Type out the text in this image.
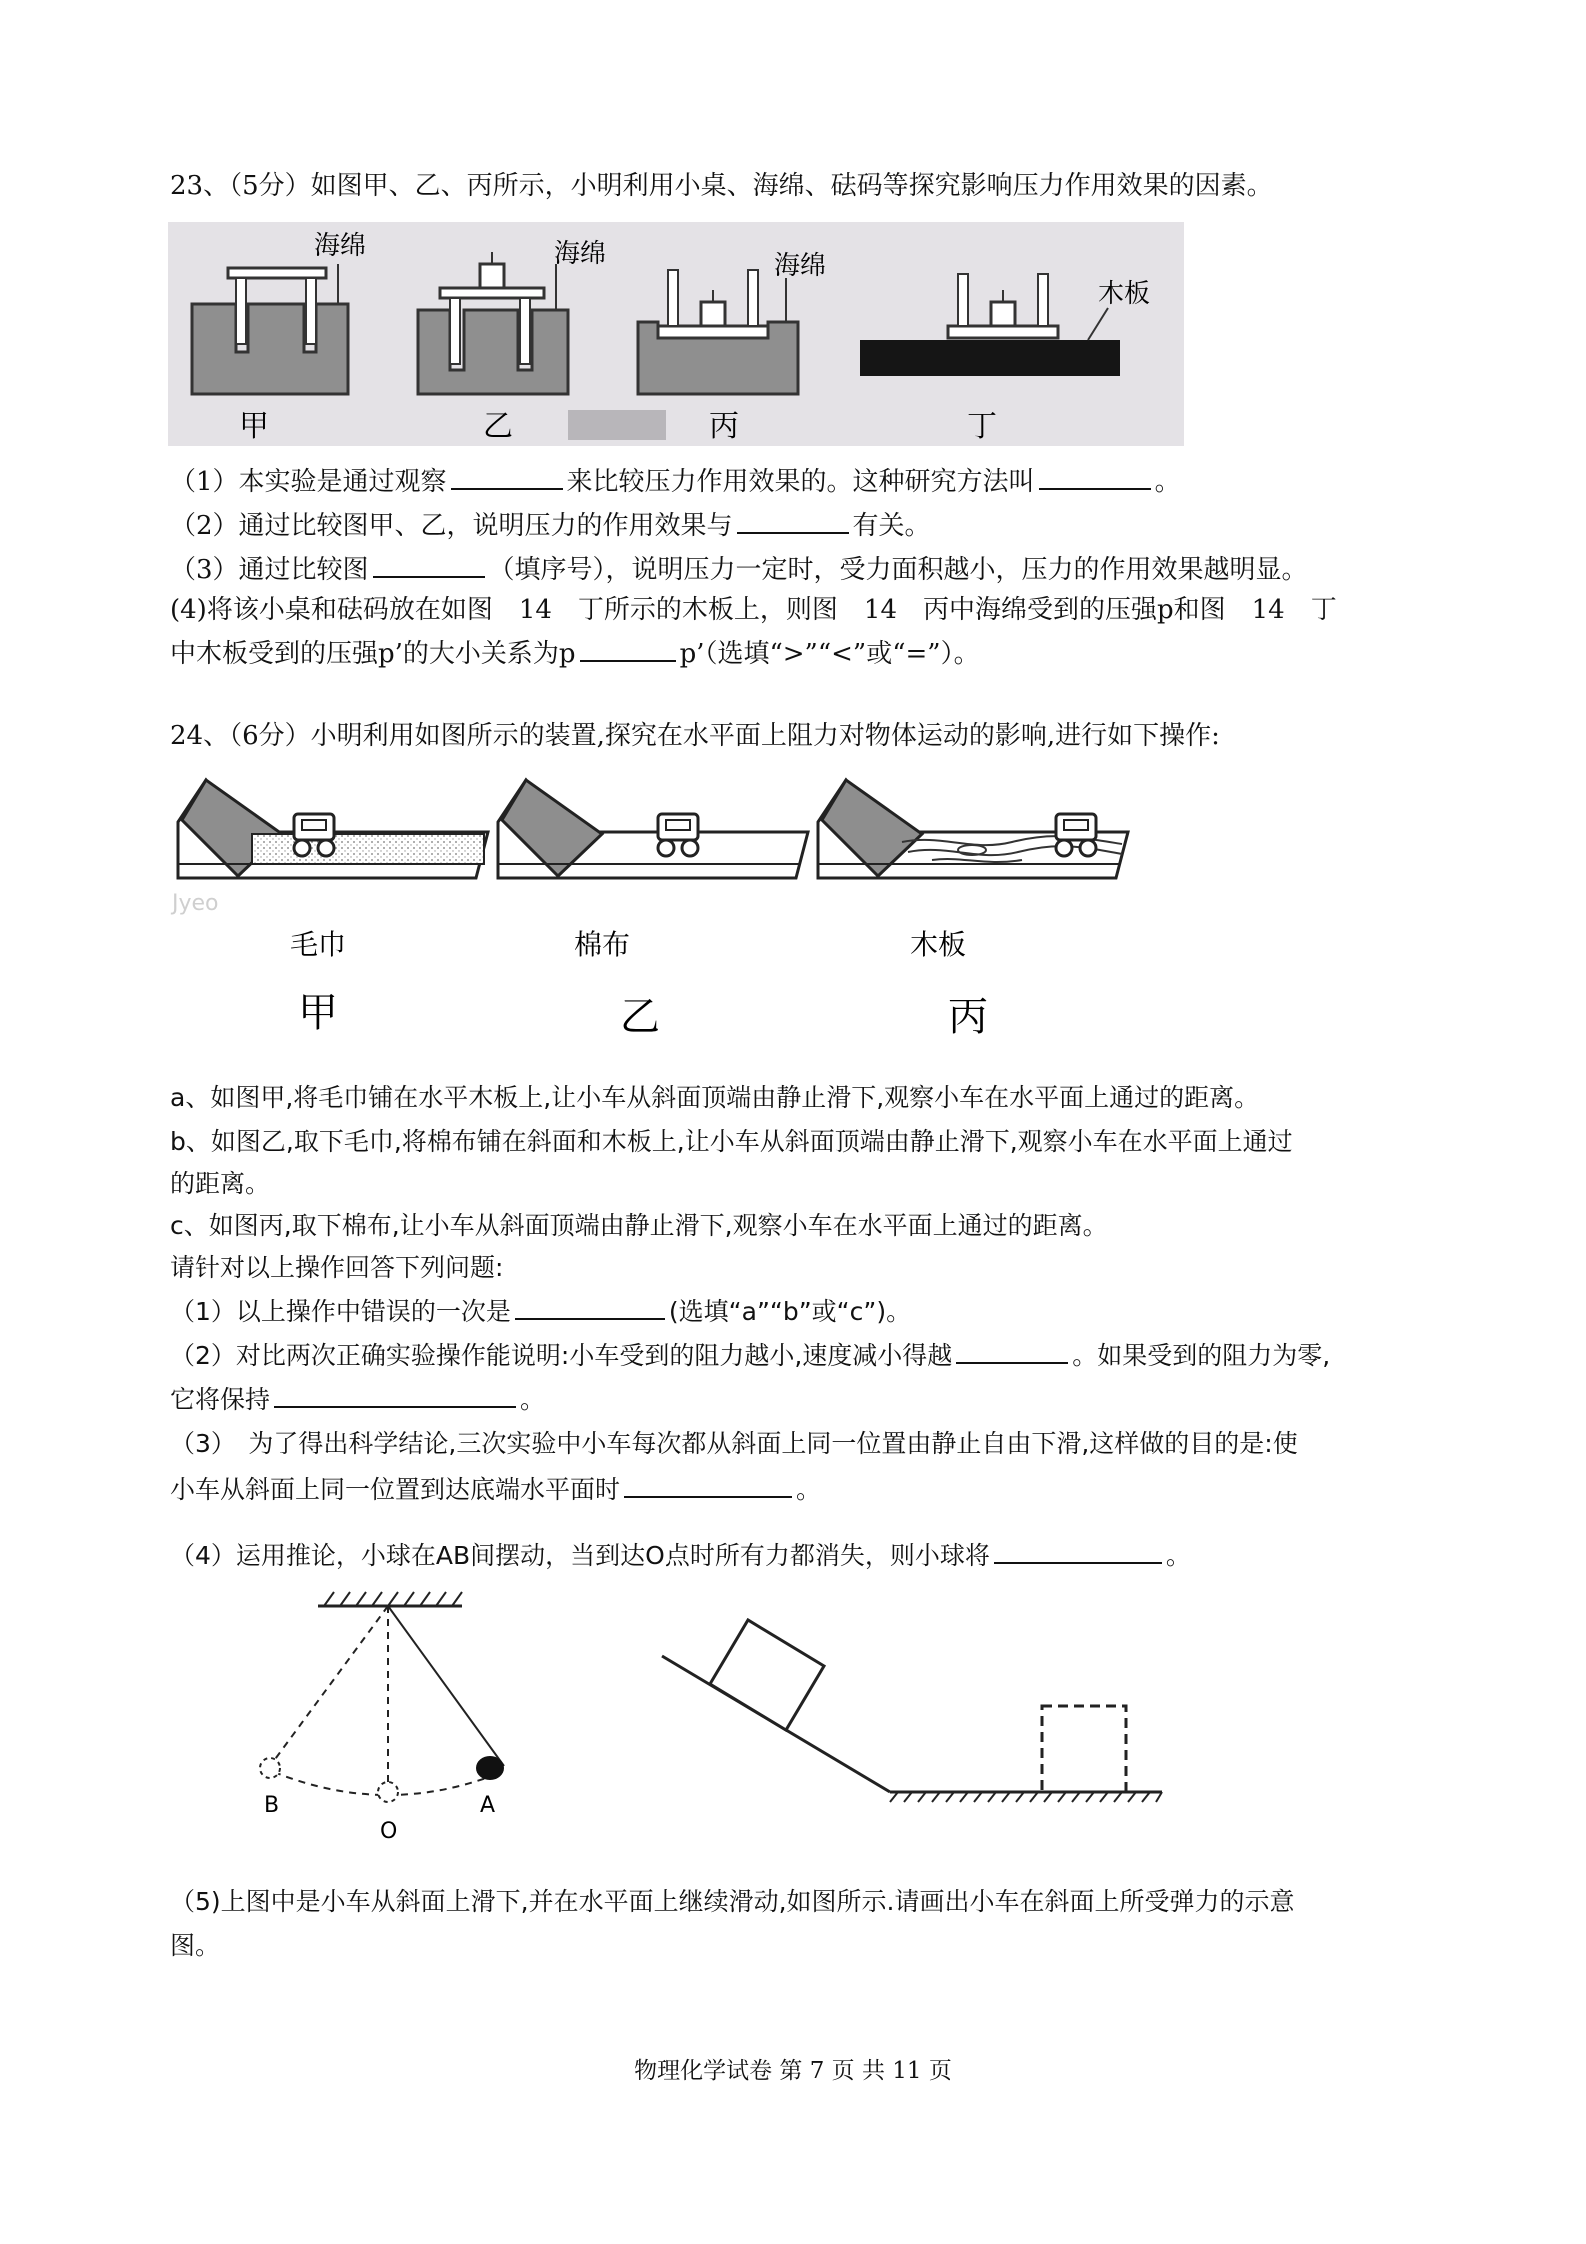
23、（5分）如图甲、乙、丙所示，小明利用小桌、海绵、砝码等探究影响压力作用效果的因素。
海绵	海绵	海绵
木板
甲	乙	丙	丁
（1）本实验是通过观察	来比较压力作用效果的。这种研究方法叫	。
（2）通过比较图甲、乙，说明压力的作用效果与	有关。
（3）通过比较图	（填序号），说明压力一定时，受力面积越小，压力的作用效果越明显。
(4)将该小桌和砝码放在如图　14　丁所示的木板上，则图　14　丙中海绵受到的压强p和图　14　丁
中木板受到的压强p’的大小关系为p	p’（选填“>”“<”或“=”）。
24、（6分）小明利用如图所示的装置,探究在水平面上阻力对物体运动的影响,进行如下操作:
Jyeo
毛巾	棉布	木板
甲	乙	丙
a、如图甲,将毛巾铺在水平木板上,让小车从斜面顶端由静止滑下,观察小车在水平面上通过的距离。
b、如图乙,取下毛巾,将棉布铺在斜面和木板上,让小车从斜面顶端由静止滑下,观察小车在水平面上通过
的距离。
c、如图丙,取下棉布,让小车从斜面顶端由静止滑下,观察小车在水平面上通过的距离。
请针对以上操作回答下列问题:
（1）以上操作中错误的一次是	(选填“a”“b”或“c”)。
（2）对比两次正确实验操作能说明:小车受到的阻力越小,速度减小得越	。如果受到的阻力为零,
它将保持	。
（3）　为了得出科学结论,三次实验中小车每次都从斜面上同一位置由静止自由下滑,这样做的目的是:使
小车从斜面上同一位置到达底端水平面时	。
（4）运用推论，小球在AB间摆动，当到达O点时所有力都消失，则小球将	。
B
O
A
（5)上图中是小车从斜面上滑下,并在水平面上继续滑动,如图所示.请画出小车在斜面上所受弹力的示意
图。
物理化学试卷 第 7 页 共 11 页
